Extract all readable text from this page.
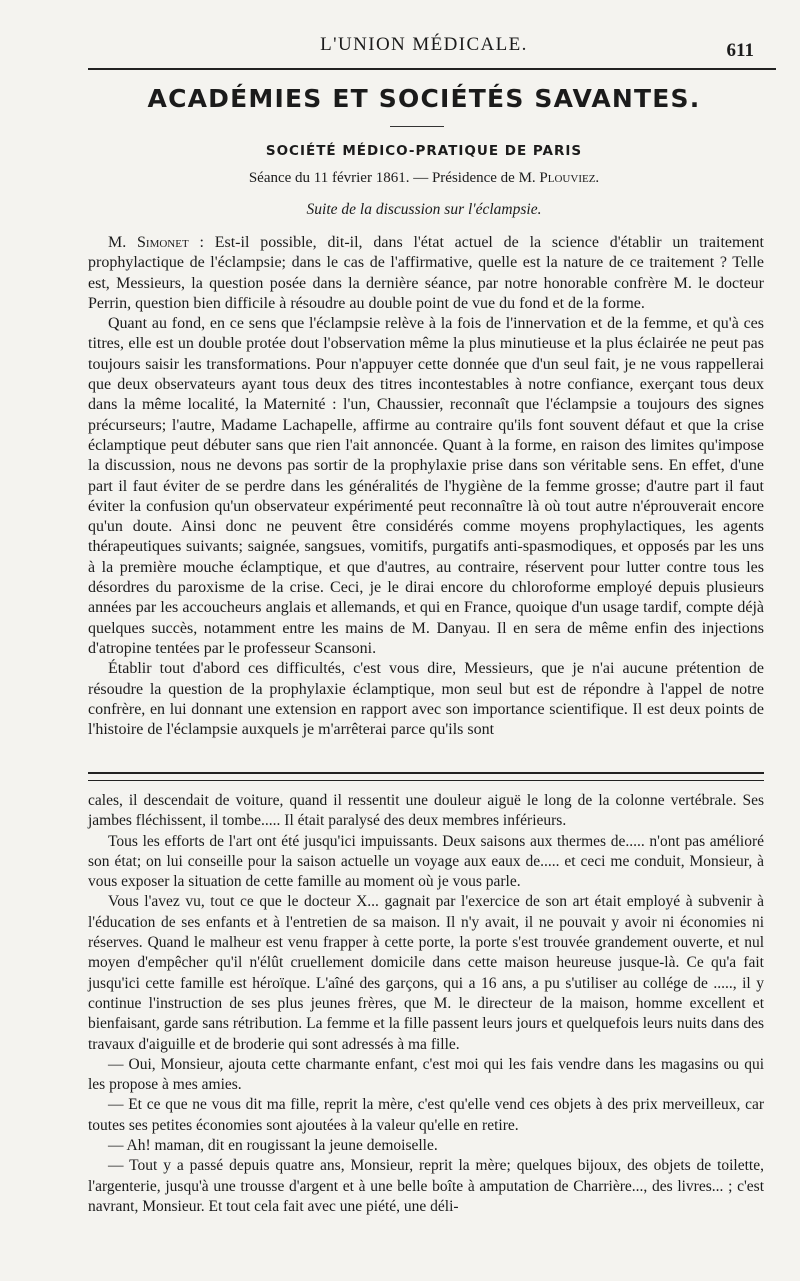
L'UNION MÉDICALE.	611
ACADÉMIES ET SOCIÉTÉS SAVANTES.
SOCIÉTÉ MÉDICO-PRATIQUE DE PARIS
Séance du 11 février 1861. — Présidence de M. Plouviez.
Suite de la discussion sur l'éclampsie.

M. Simonet : Est-il possible, dit-il, dans l'état actuel de la science d'établir un traitement prophylactique de l'éclampsie; dans le cas de l'affirmative, quelle est la nature de ce traitement ? Telle est, Messieurs, la question posée dans la dernière séance, par notre honorable confrère M. le docteur Perrin, question bien difficile à résoudre au double point de vue du fond et de la forme.

Quant au fond, en ce sens que l'éclampsie relève à la fois de l'innervation et de la femme, et qu'à ces titres, elle est un double protée dout l'observation même la plus minutieuse et la plus éclairée ne peut pas toujours saisir les transformations. Pour n'appuyer cette donnée que d'un seul fait, je ne vous rappellerai que deux observateurs ayant tous deux des titres incontestables à notre confiance, exerçant tous deux dans la même localité, la Maternité : l'un, Chaussier, reconnaît que l'éclampsie a toujours des signes précurseurs; l'autre, Madame Lachapelle, affirme au contraire qu'ils font souvent défaut et que la crise éclamptique peut débuter sans que rien l'ait annoncée. Quant à la forme, en raison des limites qu'impose la discussion, nous ne devons pas sortir de la prophylaxie prise dans son véritable sens. En effet, d'une part il faut éviter de se perdre dans les généralités de l'hygiène de la femme grosse; d'autre part il faut éviter la confusion qu'un observateur expérimenté peut reconnaître là où tout autre n'éprouverait encore qu'un doute. Ainsi donc ne peuvent être considérés comme moyens prophylactiques, les agents thérapeutiques suivants; saignée, sangsues, vomitifs, purgatifs anti-spasmodiques, et opposés par les uns à la première mouche éclamptique, et que d'autres, au contraire, réservent pour lutter contre tous les désordres du paroxisme de la crise. Ceci, je le dirai encore du chloroforme employé depuis plusieurs années par les accoucheurs anglais et allemands, et qui en France, quoique d'un usage tardif, compte déjà quelques succès, notamment entre les mains de M. Danyau. Il en sera de même enfin des injections d'atropine tentées par le professeur Scansoni.

Établir tout d'abord ces difficultés, c'est vous dire, Messieurs, que je n'ai aucune prétention de résoudre la question de la prophylaxie éclamptique, mon seul but est de répondre à l'appel de notre confrère, en lui donnant une extension en rapport avec son importance scientifique. Il est deux points de l'histoire de l'éclampsie auxquels je m'arrêterai parce qu'ils sont

cales, il descendait de voiture, quand il ressentit une douleur aiguë le long de la colonne vertébrale. Ses jambes fléchissent, il tombe..... Il était paralysé des deux membres inférieurs.

Tous les efforts de l'art ont été jusqu'ici impuissants. Deux saisons aux thermes de..... n'ont pas amélioré son état; on lui conseille pour la saison actuelle un voyage aux eaux de..... et ceci me conduit, Monsieur, à vous exposer la situation de cette famille au moment où je vous parle.

Vous l'avez vu, tout ce que le docteur X... gagnait par l'exercice de son art était employé à subvenir à l'éducation de ses enfants et à l'entretien de sa maison. Il n'y avait, il ne pouvait y avoir ni économies ni réserves. Quand le malheur est venu frapper à cette porte, la porte s'est trouvée grandement ouverte, et nul moyen d'empêcher qu'il n'élût cruellement domicile dans cette maison heureuse jusque-là. Ce qu'a fait jusqu'ici cette famille est héroïque. L'aîné des garçons, qui a 16 ans, a pu s'utiliser au collége de ....., il y continue l'instruction de ses plus jeunes frères, que M. le directeur de la maison, homme excellent et bienfaisant, garde sans rétribution. La femme et la fille passent leurs jours et quelquefois leurs nuits dans des travaux d'aiguille et de broderie qui sont adressés à ma fille.

— Oui, Monsieur, ajouta cette charmante enfant, c'est moi qui les fais vendre dans les magasins ou qui les propose à mes amies.

— Et ce que ne vous dit ma fille, reprit la mère, c'est qu'elle vend ces objets à des prix merveilleux, car toutes ses petites économies sont ajoutées à la valeur qu'elle en retire.

— Ah! maman, dit en rougissant la jeune demoiselle.

— Tout y a passé depuis quatre ans, Monsieur, reprit la mère; quelques bijoux, des objets de toilette, l'argenterie, jusqu'à une trousse d'argent et à une belle boîte à amputation de Charrière..., des livres... ; c'est navrant, Monsieur. Et tout cela fait avec une piété, une déli-
